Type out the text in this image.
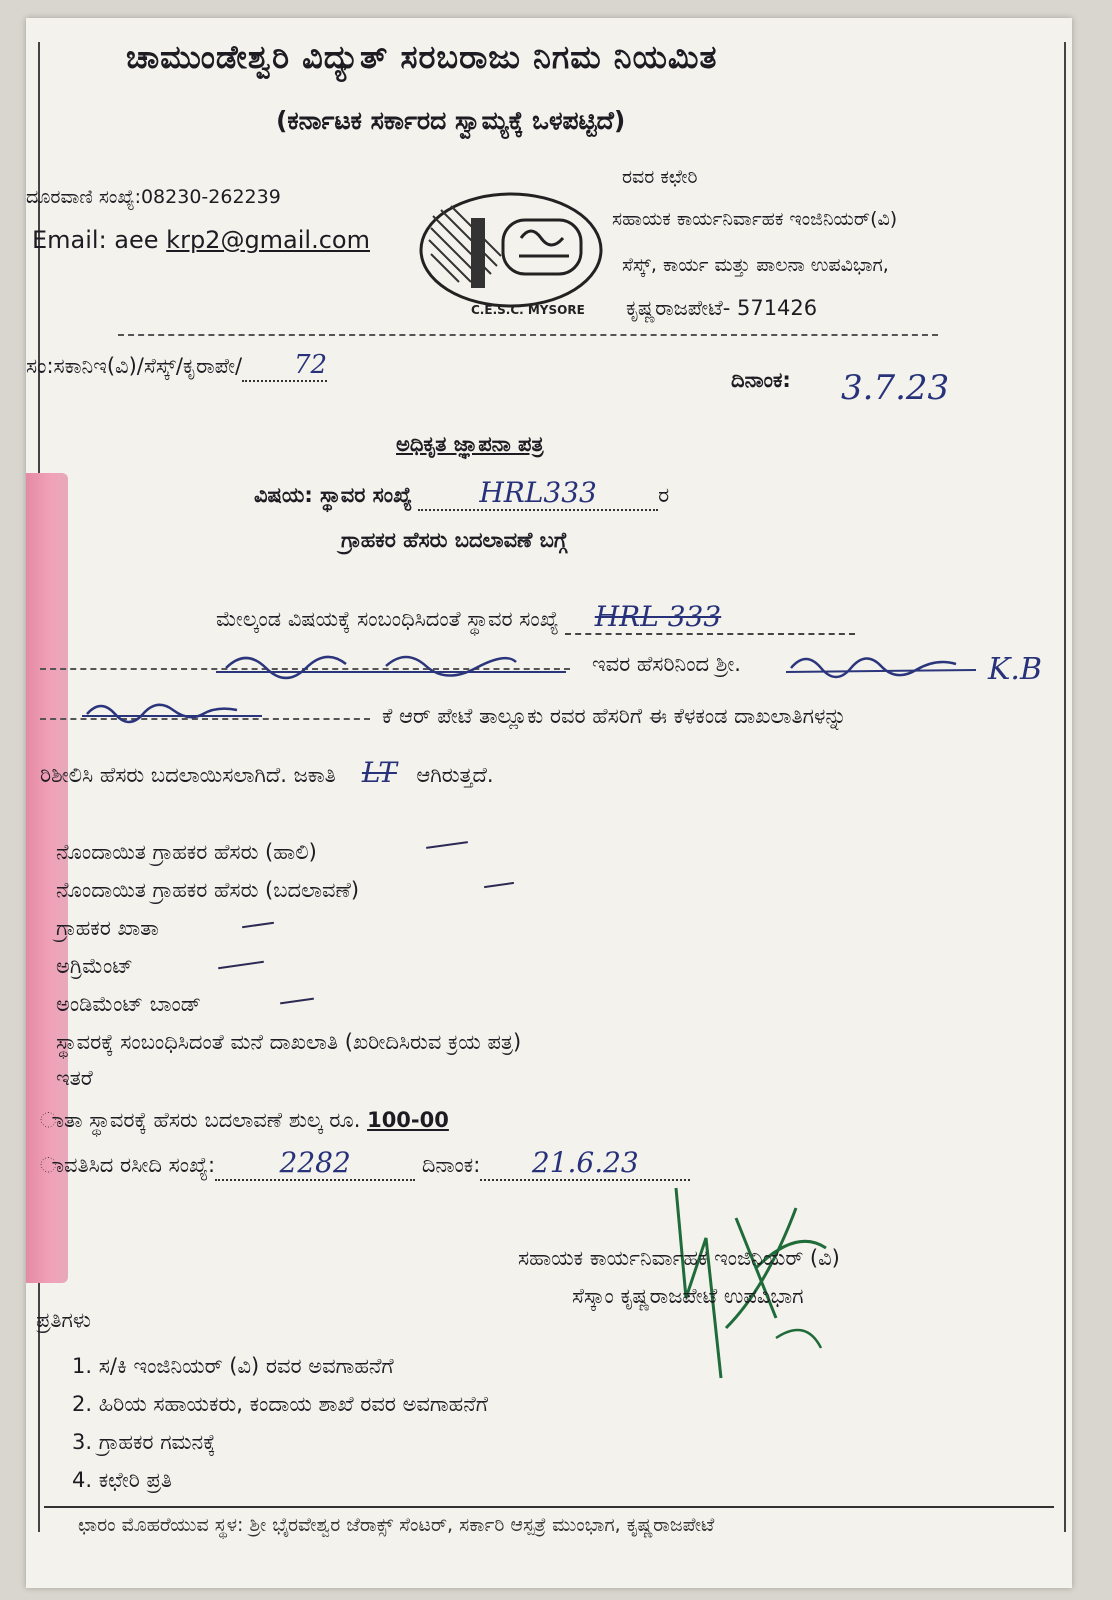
ಚಾಮುಂಡೇಶ್ವರಿ ವಿದ್ಯುತ್ ಸರಬರಾಜು ನಿಗಮ ನಿಯಮಿತ
(ಕರ್ನಾಟಕ ಸರ್ಕಾರದ ಸ್ವಾಮ್ಯಕ್ಕೆ ಒಳಪಟ್ಟಿದೆ)
ದೂರವಾಣಿ ಸಂಖ್ಯೆ:08230-262239
Email: aee krp2@gmail.com
C.E.S.C. MYSORE
ರವರ ಕಛೇರಿ
ಸಹಾಯಕ ಕಾರ್ಯನಿರ್ವಾಹಕ ಇಂಜಿನಿಯರ್(ವಿ)
ಸೆಸ್ಕ್, ಕಾರ್ಯ ಮತ್ತು ಪಾಲನಾ ಉಪವಿಭಾಗ,
ಕೃಷ್ಣರಾಜಪೇಟೆ- 571426
ಸಂ:ಸಕಾನಿಇ(ವಿ)/ಸೆಸ್ಕ್/ಕೃರಾಪೇ/ 72	ದಿನಾಂಕ: 3.7.23
ಅಧಿಕೃತ ಜ್ಞಾಪನಾ ಪತ್ರ
ವಿಷಯ: ಸ್ಥಾವರ ಸಂಖ್ಯೆ HRL333	ರ
ಗ್ರಾಹಕರ ಹೆಸರು ಬದಲಾವಣೆ ಬಗ್ಗೆ
ಮೇಲ್ಕಂಡ ವಿಷಯಕ್ಕೆ ಸಂಬಂಧಿಸಿದಂತೆ ಸ್ಥಾವರ ಸಂಖ್ಯೆ HRL 333
ಇವರ ಹೆಸರಿನಿಂದ ಶ್ರೀ.	K.B
ಕೆ ಆರ್ ಪೇಟೆ ತಾಲ್ಲೂಕು ರವರ ಹೆಸರಿಗೆ ಈ ಕೆಳಕಂಡ ದಾಖಲಾತಿಗಳನ್ನು
ರಿಶೀಲಿಸಿ ಹೆಸರು ಬದಲಾಯಿಸಲಾಗಿದೆ. ಜಕಾತಿ LT ಆಗಿರುತ್ತದೆ.
ನೊಂದಾಯಿತ ಗ್ರಾಹಕರ ಹೆಸರು (ಹಾಲಿ)
ನೊಂದಾಯಿತ ಗ್ರಾಹಕರ ಹೆಸರು (ಬದಲಾವಣೆ)
ಗ್ರಾಹಕರ ಖಾತಾ
ಅಗ್ರಿಮೆಂಟ್
ಅಂಡಿಮೆಂಟ್ ಬಾಂಡ್
ಸ್ಥಾವರಕ್ಕೆ ಸಂಬಂಧಿಸಿದಂತೆ ಮನೆ ದಾಖಲಾತಿ (ಖರೀದಿಸಿರುವ ಕ್ರಯ ಪತ್ರ)
ಇತರೆ
ಾತಾ ಸ್ಥಾವರಕ್ಕೆ ಹೆಸರು ಬದಲಾವಣೆ ಶುಲ್ಕ ರೂ. 100-00
ಾವತಿಸಿದ ರಸೀದಿ ಸಂಖ್ಯೆ: 2282	ದಿನಾಂಕ: 21.6.23
ಸಹಾಯಕ ಕಾರ್ಯನಿರ್ವಾಹಕ ಇಂಜಿನಿಯರ್ (ವಿ)
ಸೆಸ್ಕಾಂ ಕೃಷ್ಣರಾಜಪೇಟೆ ಉಪವಿಭಾಗ
ಪ್ರತಿಗಳು
1. ಸ/ಕಿ ಇಂಜಿನಿಯರ್ (ವಿ) ರವರ ಅವಗಾಹನೆಗೆ
2. ಹಿರಿಯ ಸಹಾಯಕರು, ಕಂದಾಯ ಶಾಖೆ ರವರ ಅವಗಾಹನೆಗೆ
3. ಗ್ರಾಹಕರ ಗಮನಕ್ಕೆ
4. ಕಛೇರಿ ಪ್ರತಿ
ಛಾರಂ ಮೊಹರೆಯುವ ಸ್ಥಳ: ಶ್ರೀ ಭೈರವೇಶ್ವರ ಜೆರಾಕ್ಸ್ ಸೆಂಟರ್, ಸರ್ಕಾರಿ ಆಸ್ಪತ್ರೆ ಮುಂಭಾಗ, ಕೃಷ್ಣರಾಜಪೇಟೆ
